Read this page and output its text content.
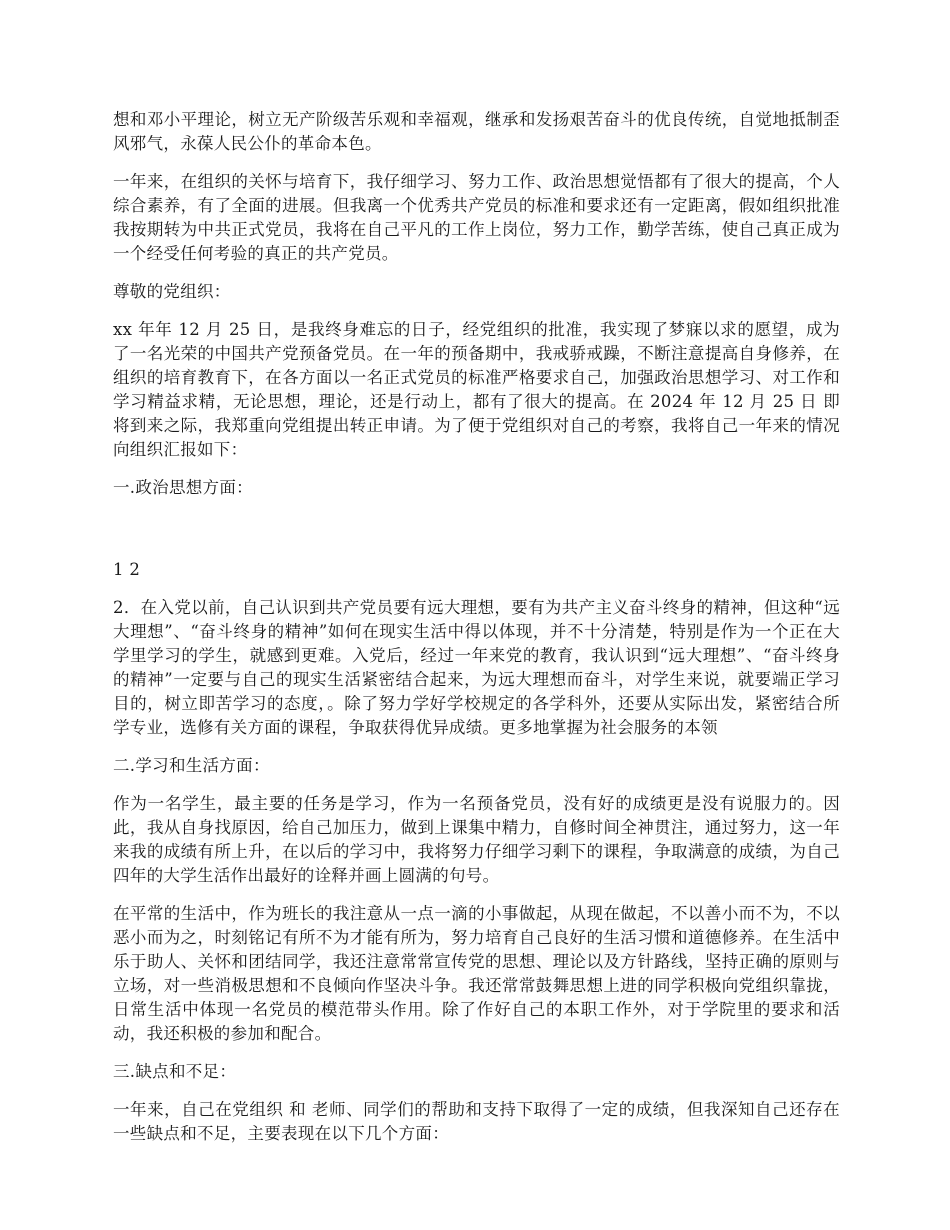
想和邓小平理论，树立无产阶级苦乐观和幸福观，继承和发扬艰苦奋斗的优良传统，自觉地抵制歪风邪气，永葆人民公仆的革命本色。

一年来，在组织的关怀与培育下，我仔细学习、努力工作、政治思想觉悟都有了很大的提高，个人综合素养，有了全面的进展。但我离一个优秀共产党员的标准和要求还有一定距离，假如组织批准我按期转为中共正式党员，我将在自己平凡的工作上岗位，努力工作，勤学苦练，使自己真正成为一个经受任何考验的真正的共产党员。

尊敬的党组织：

xx 年年 12 月 25 日，是我终身难忘的日子，经党组织的批准，我实现了梦寐以求的愿望，成为了一名光荣的中国共产党预备党员。在一年的预备期中，我戒骄戒躁，不断注意提高自身修养，在组织的培育教育下，在各方面以一名正式党员的标准严格要求自己，加强政治思想学习、对工作和学习精益求精，无论思想，理论，还是行动上，都有了很大的提高。在 2024 年 12 月 25 日 即将到来之际，我郑重向党组提出转正申请。为了便于党组织对自己的考察，我将自己一年来的情况向组织汇报如下：

一.政治思想方面：

1 2

2．在入党以前，自己认识到共产党员要有远大理想，要有为共产主义奋斗终身的精神，但这种“远大理想”、“奋斗终身的精神”如何在现实生活中得以体现，并不十分清楚，特别是作为一个正在大学里学习的学生，就感到更难。入党后，经过一年来党的教育，我认识到“远大理想”、“奋斗终身的精神”一定要与自己的现实生活紧密结合起来，为远大理想而奋斗，对学生来说，就要端正学习目的，树立即苦学习的态度，。除了努力学好学校规定的各学科外，还要从实际出发，紧密结合所学专业，选修有关方面的课程，争取获得优异成绩。更多地掌握为社会服务的本领

二.学习和生活方面：

作为一名学生，最主要的任务是学习，作为一名预备党员，没有好的成绩更是没有说服力的。因此，我从自身找原因，给自己加压力，做到上课集中精力，自修时间全神贯注，通过努力，这一年来我的成绩有所上升，在以后的学习中，我将努力仔细学习剩下的课程，争取满意的成绩，为自己四年的大学生活作出最好的诠释并画上圆满的句号。

在平常的生活中，作为班长的我注意从一点一滴的小事做起，从现在做起，不以善小而不为，不以恶小而为之，时刻铭记有所不为才能有所为，努力培育自己良好的生活习惯和道德修养。在生活中乐于助人、关怀和团结同学，我还注意常常宣传党的思想、理论以及方针路线，坚持正确的原则与立场，对一些消极思想和不良倾向作坚决斗争。我还常常鼓舞思想上进的同学积极向党组织靠拢，日常生活中体现一名党员的模范带头作用。除了作好自己的本职工作外，对于学院里的要求和活动，我还积极的参加和配合。

三.缺点和不足：

一年来，自己在党组织 和 老师、同学们的帮助和支持下取得了一定的成绩，但我深知自己还存在一些缺点和不足，主要表现在以下几个方面：
